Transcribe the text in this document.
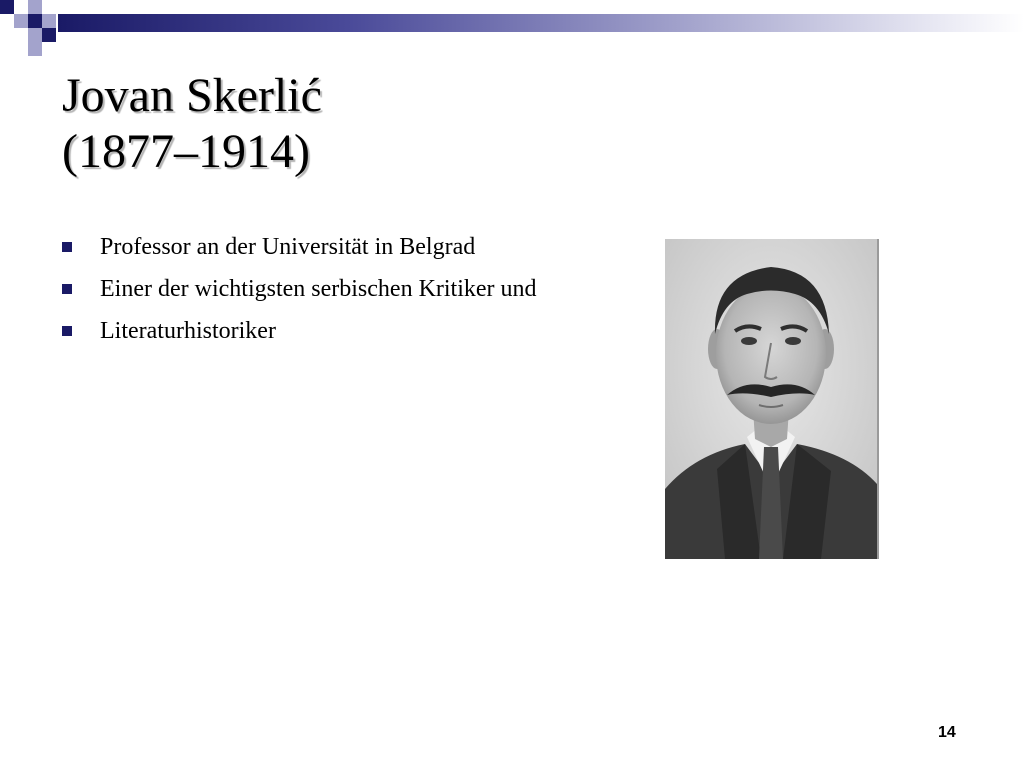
Jovan Skerlić
(1877–1914)
Professor an der Universität in Belgrad
Einer der wichtigsten serbischen Kritiker und
Literaturhistoriker
14
